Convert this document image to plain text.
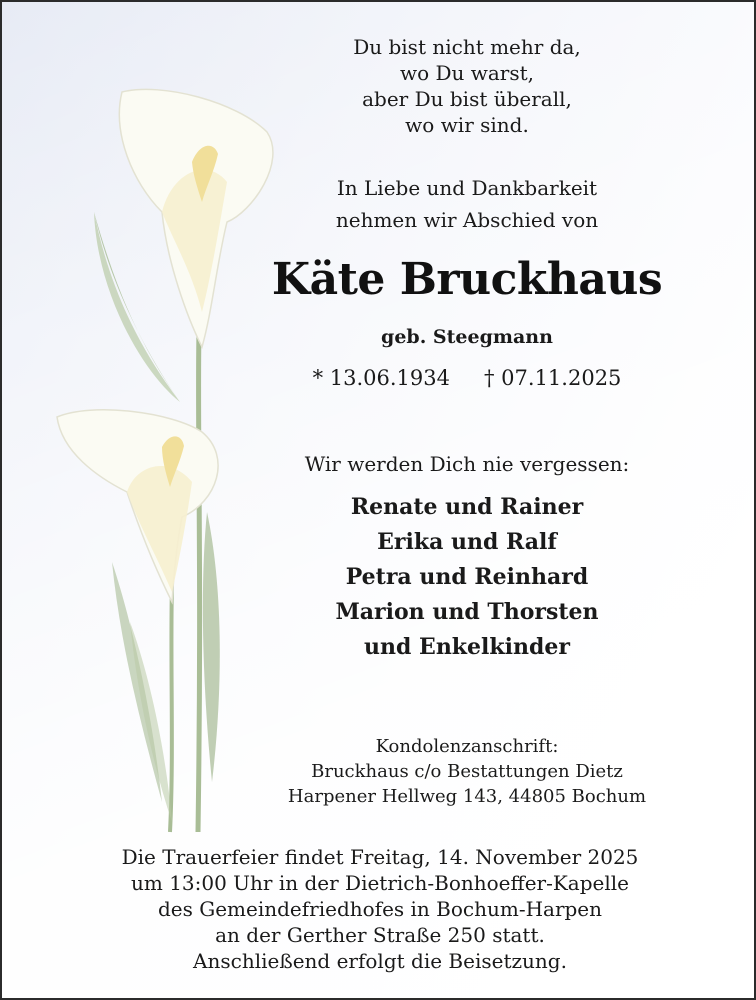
Du bist nicht mehr da,
wo Du warst,
aber Du bist überall,
wo wir sind.
In Liebe und Dankbarkeit
nehmen wir Abschied von
Käte Bruckhaus
geb. Steegmann
* 13.06.1934 † 07.11.2025
Wir werden Dich nie vergessen:
Renate und Rainer
Erika und Ralf
Petra und Reinhard
Marion und Thorsten
und Enkelkinder
Kondolenzanschrift:
Bruckhaus c/o Bestattungen Dietz
Harpener Hellweg 143, 44805 Bochum
Die Trauerfeier findet Freitag, 14. November 2025
um 13:00 Uhr in der Dietrich-Bonhoeffer-Kapelle
des Gemeindefriedhofes in Bochum-Harpen
an der Gerther Straße 250 statt.
Anschließend erfolgt die Beisetzung.
